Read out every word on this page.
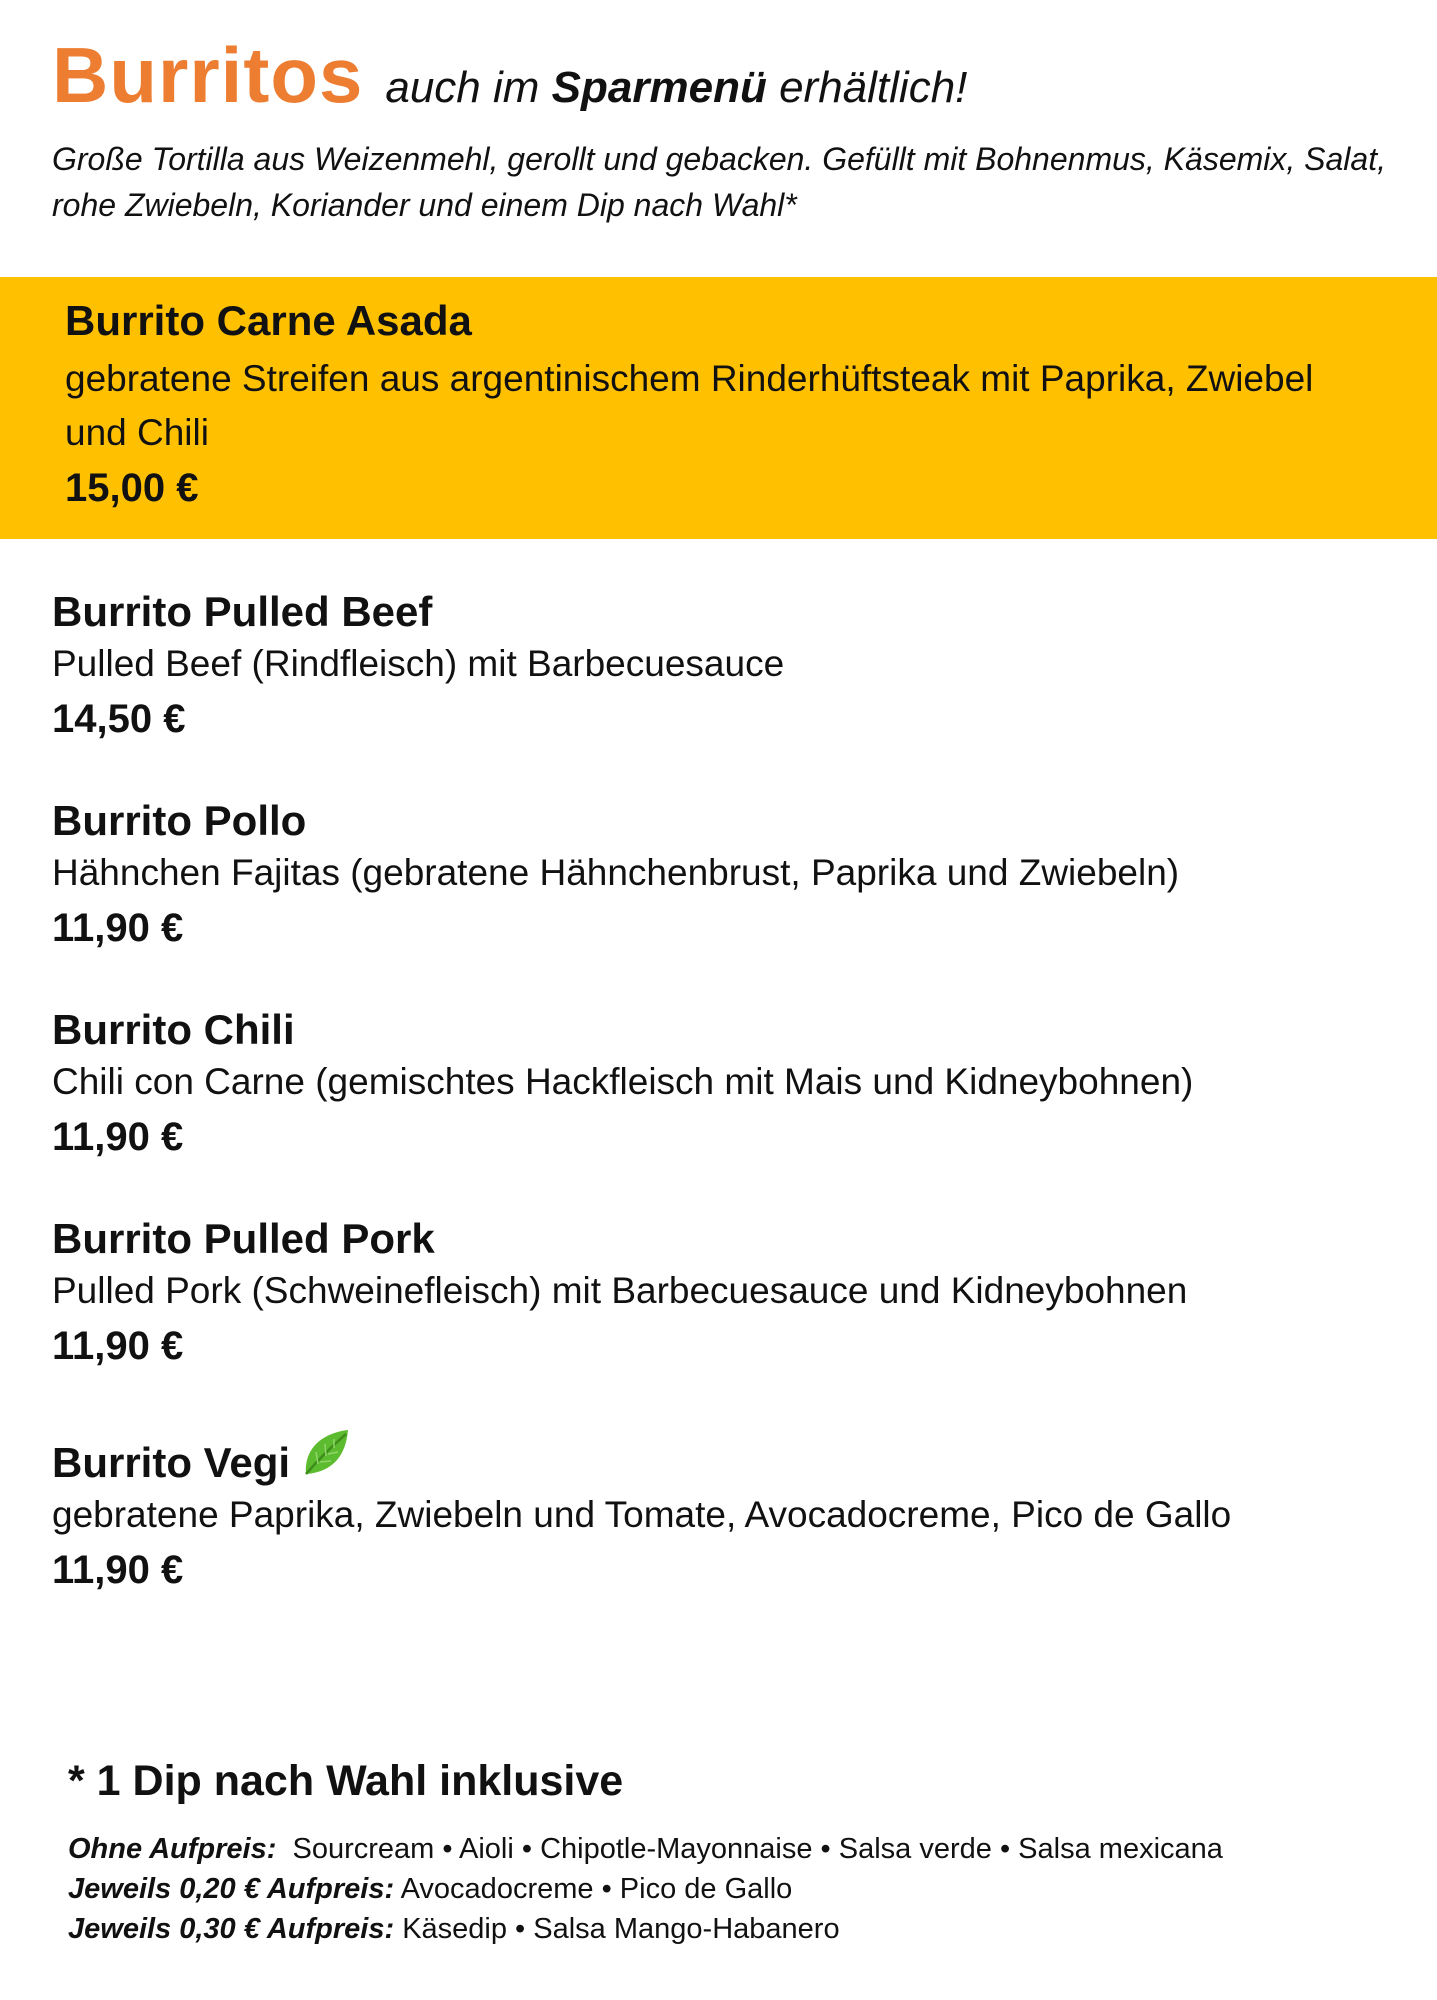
Burritos auch im Sparmenü erhältlich!
Große Tortilla aus Weizenmehl, gerollt und gebacken. Gefüllt mit Bohnenmus, Käsemix, Salat, rohe Zwiebeln, Koriander und einem Dip nach Wahl*
Burrito Carne Asada
gebratene Streifen aus argentinischem Rinderhüftsteak mit Paprika, Zwiebel und Chili
15,00 €
Burrito Pulled Beef
Pulled Beef (Rindfleisch) mit Barbecuesauce
14,50 €
Burrito Pollo
Hähnchen Fajitas (gebratene Hähnchenbrust, Paprika und Zwiebeln)
11,90 €
Burrito Chili
Chili con Carne (gemischtes Hackfleisch mit Mais und Kidneybohnen)
11,90 €
Burrito Pulled Pork
Pulled Pork (Schweinefleisch) mit Barbecuesauce und Kidneybohnen
11,90 €
Burrito Vegi
gebratene Paprika, Zwiebeln und Tomate, Avocadocreme, Pico de Gallo
11,90 €
* 1 Dip nach Wahl inklusive
Ohne Aufpreis: Sourcream • Aioli • Chipotle-Mayonnaise • Salsa verde • Salsa mexicana
Jeweils 0,20 € Aufpreis: Avocadocreme • Pico de Gallo
Jeweils 0,30 € Aufpreis: Käsedip • Salsa Mango-Habanero
